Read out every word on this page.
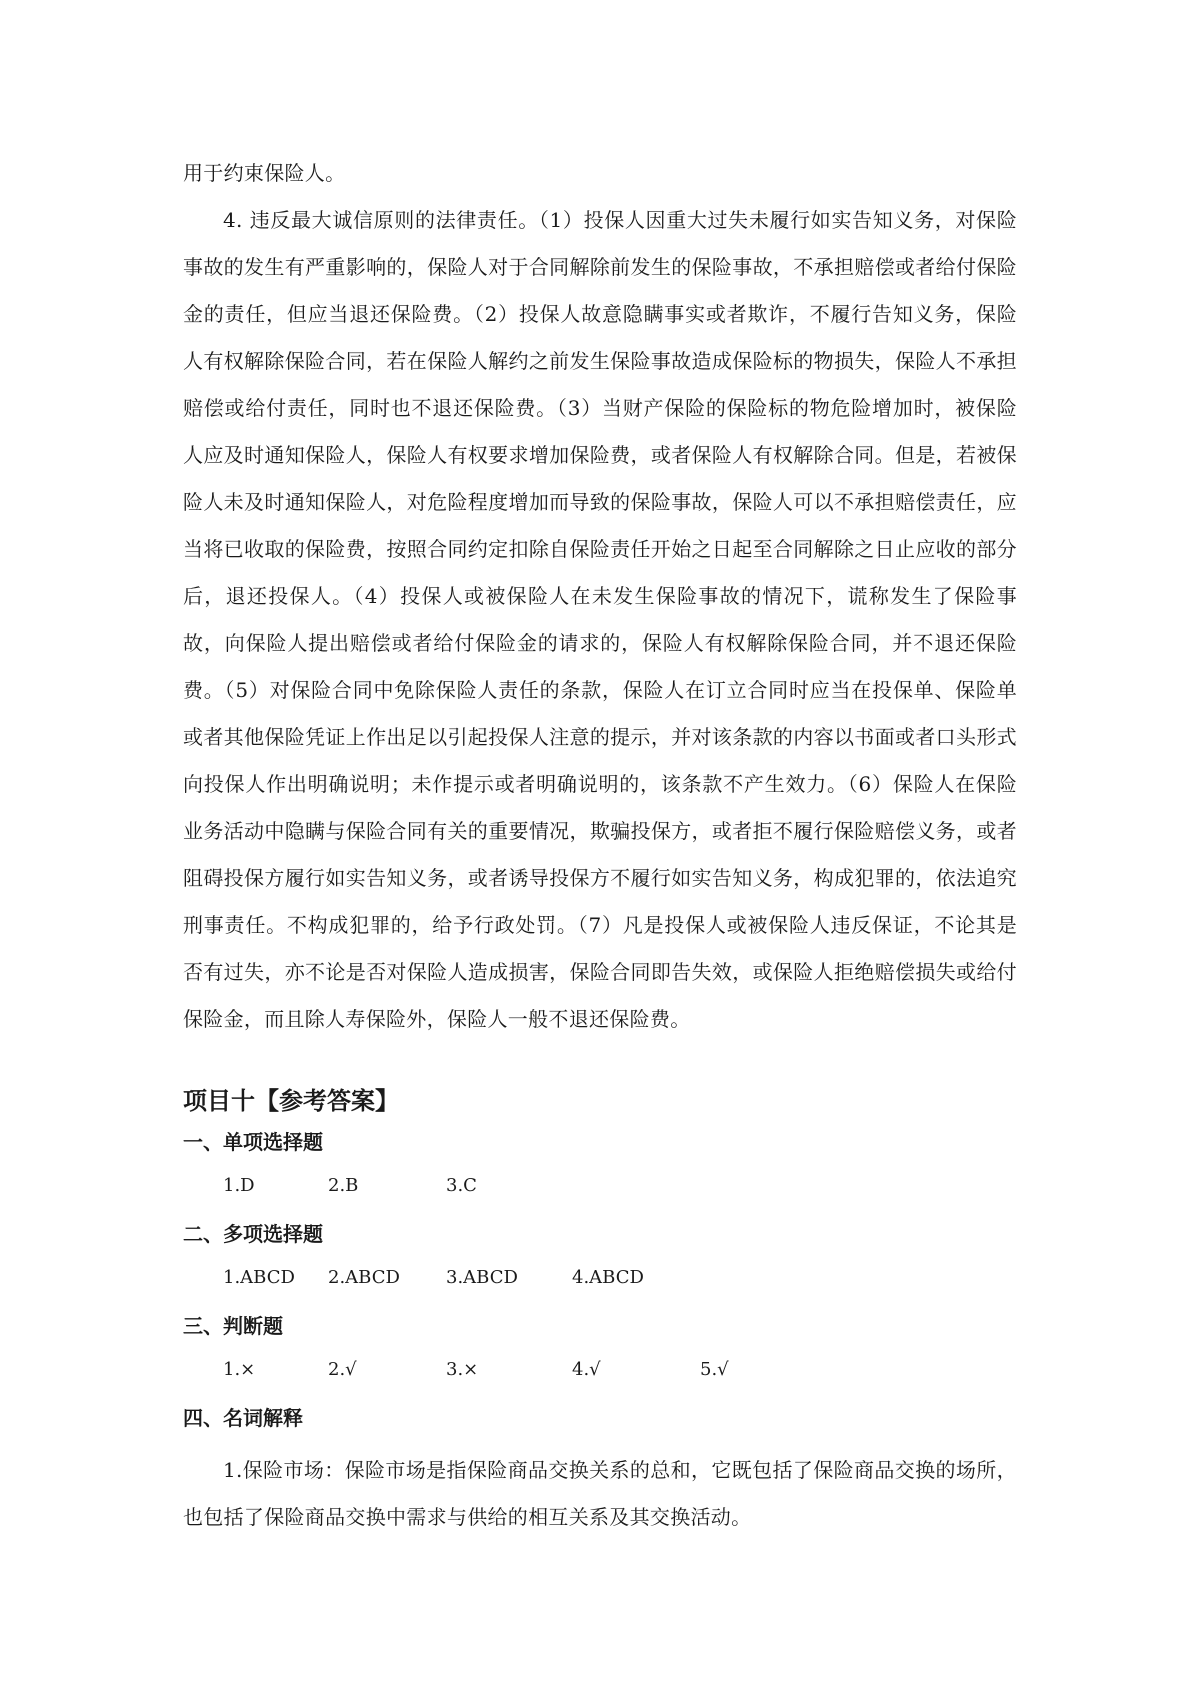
用于约束保险人。

4. 违反最大诚信原则的法律责任。（1）投保人因重大过失未履行如实告知义务，对保险事故的发生有严重影响的，保险人对于合同解除前发生的保险事故，不承担赔偿或者给付保险金的责任，但应当退还保险费。（2）投保人故意隐瞒事实或者欺诈，不履行告知义务，保险人有权解除保险合同，若在保险人解约之前发生保险事故造成保险标的物损失，保险人不承担赔偿或给付责任，同时也不退还保险费。（3）当财产保险的保险标的物危险增加时，被保险人应及时通知保险人，保险人有权要求增加保险费，或者保险人有权解除合同。但是，若被保险人未及时通知保险人，对危险程度增加而导致的保险事故，保险人可以不承担赔偿责任，应当将已收取的保险费，按照合同约定扣除自保险责任开始之日起至合同解除之日止应收的部分后，退还投保人。（4）投保人或被保险人在未发生保险事故的情况下，谎称发生了保险事故，向保险人提出赔偿或者给付保险金的请求的，保险人有权解除保险合同，并不退还保险费。（5）对保险合同中免除保险人责任的条款，保险人在订立合同时应当在投保单、保险单或者其他保险凭证上作出足以引起投保人注意的提示，并对该条款的内容以书面或者口头形式向投保人作出明确说明；未作提示或者明确说明的，该条款不产生效力。（6）保险人在保险业务活动中隐瞒与保险合同有关的重要情况，欺骗投保方，或者拒不履行保险赔偿义务，或者阻碍投保方履行如实告知义务，或者诱导投保方不履行如实告知义务，构成犯罪的，依法追究刑事责任。不构成犯罪的，给予行政处罚。（7）凡是投保人或被保险人违反保证，不论其是否有过失，亦不论是否对保险人造成损害，保险合同即告失效，或保险人拒绝赔偿损失或给付保险金，而且除人寿保险外，保险人一般不退还保险费。

项目十【参考答案】
一、单项选择题
1.D	2.B	3.C
二、多项选择题
1.ABCD	2.ABCD	3.ABCD	4.ABCD
三、判断题
1.×	2.√	3.×	4.√	5.√
四、名词解释

1.保险市场：保险市场是指保险商品交换关系的总和，它既包括了保险商品交换的场所，也包括了保险商品交换中需求与供给的相互关系及其交换活动。
